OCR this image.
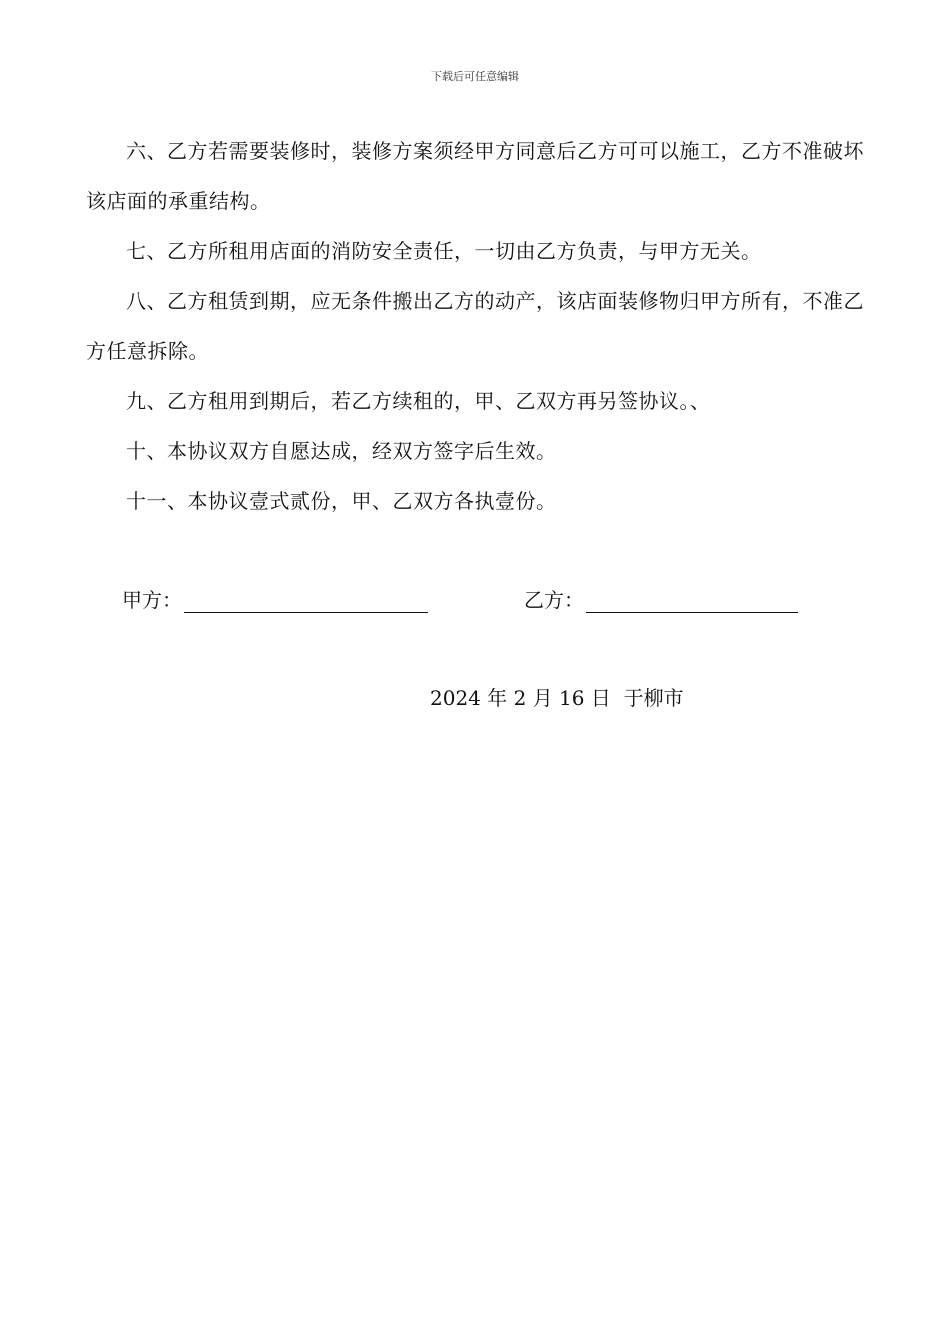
下载后可任意编辑

六、乙方若需要装修时，装修方案须经甲方同意后乙方可可以施工，乙方不准破坏该店面的承重结构。

七、乙方所租用店面的消防安全责任，一切由乙方负责，与甲方无关。

八、乙方租赁到期，应无条件搬出乙方的动产，该店面装修物归甲方所有，不准乙方任意拆除。

九、乙方租用到期后，若乙方续租的，甲、乙双方再另签协议。、

十、本协议双方自愿达成，经双方签字后生效。

十一、本协议壹式贰份，甲、乙双方各执壹份。

甲方：	乙方：
2024 年 2 月 16 日  于柳市
